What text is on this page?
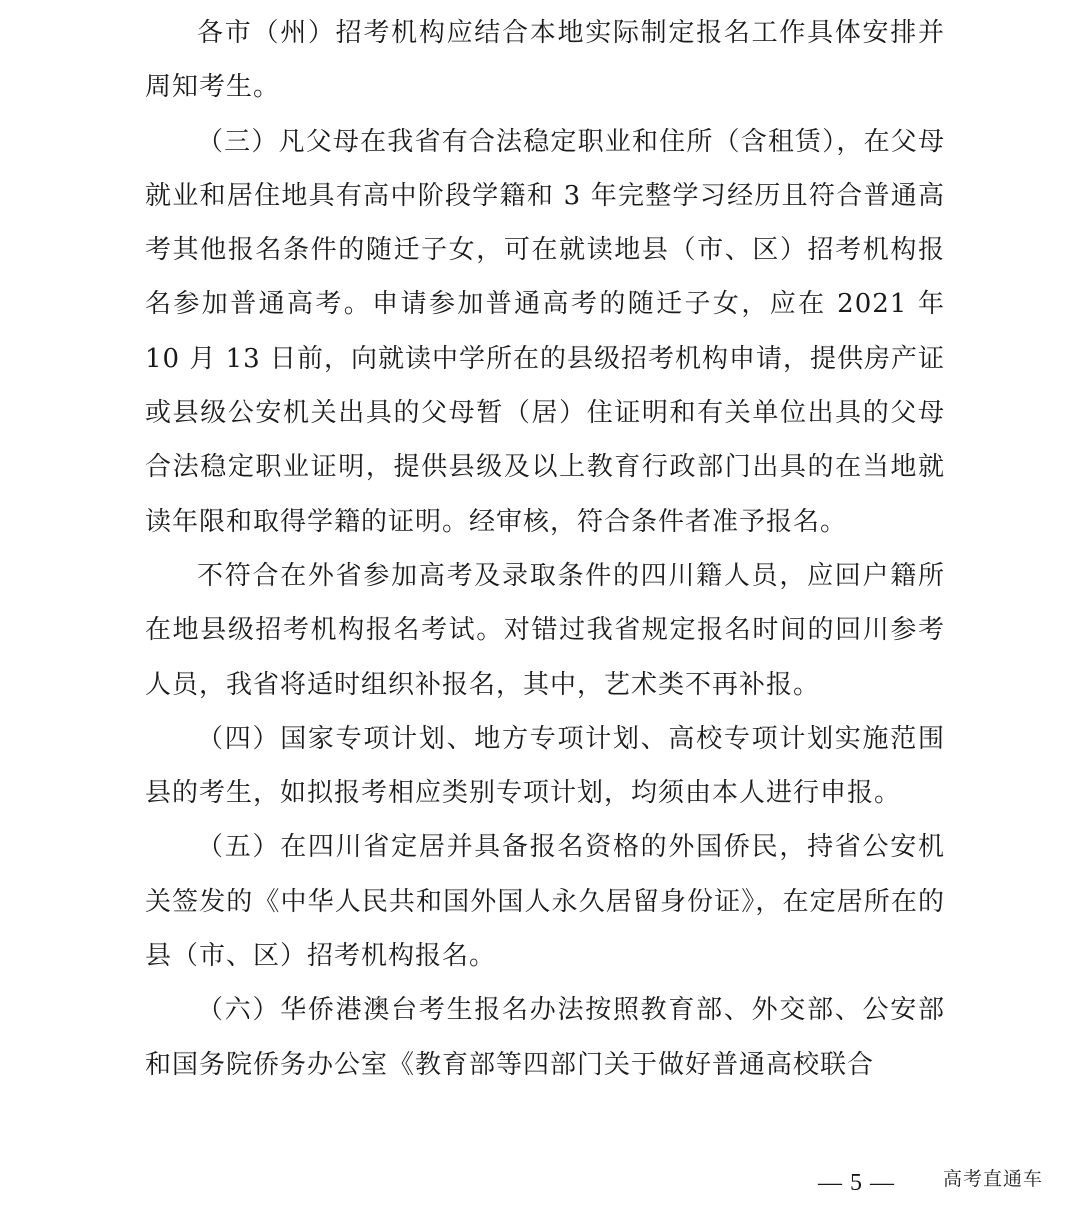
各市（州）招考机构应结合本地实际制定报名工作具体安排并周知考生。

（三）凡父母在我省有合法稳定职业和住所（含租赁），在父母就业和居住地具有高中阶段学籍和 3 年完整学习经历且符合普通高考其他报名条件的随迁子女，可在就读地县（市、区）招考机构报名参加普通高考。申请参加普通高考的随迁子女，应在 2021 年 10 月 13 日前，向就读中学所在的县级招考机构申请，提供房产证或县级公安机关出具的父母暂（居）住证明和有关单位出具的父母合法稳定职业证明，提供县级及以上教育行政部门出具的在当地就读年限和取得学籍的证明。经审核，符合条件者准予报名。

不符合在外省参加高考及录取条件的四川籍人员，应回户籍所在地县级招考机构报名考试。对错过我省规定报名时间的回川参考人员，我省将适时组织补报名，其中，艺术类不再补报。

（四）国家专项计划、地方专项计划、高校专项计划实施范围县的考生，如拟报考相应类别专项计划，均须由本人进行申报。

（五）在四川省定居并具备报名资格的外国侨民，持省公安机关签发的《中华人民共和国外国人永久居留身份证》，在定居所在的县（市、区）招考机构报名。

（六）华侨港澳台考生报名办法按照教育部、外交部、公安部和国务院侨务办公室《教育部等四部门关于做好普通高校联合

— 5 —	高考直通车
